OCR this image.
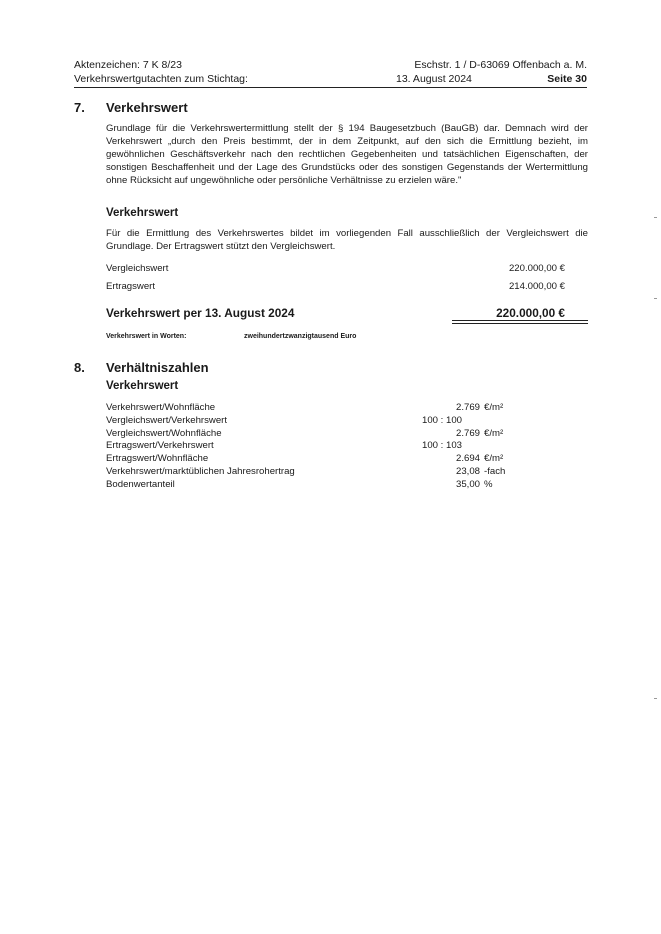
Aktenzeichen: 7 K 8/23	Eschstr. 1 / D-63069 Offenbach a. M.
Verkehrswertgutachten zum Stichtag:	13. August 2024	Seite 30
7. Verkehrswert
Grundlage für die Verkehrswertermittlung stellt der § 194 Baugesetzbuch (BauGB) dar. Demnach wird der Verkehrswert „durch den Preis bestimmt, der in dem Zeitpunkt, auf den sich die Ermittlung bezieht, im gewöhnlichen Geschäftsverkehr nach den rechtlichen Gegebenheiten und tatsächlichen Eigenschaften, der sonstigen Beschaffenheit und der Lage des Grundstücks oder des sonstigen Gegenstands der Wertermittlung ohne Rücksicht auf ungewöhnliche oder persönliche Verhältnisse zu erzielen wäre."
Verkehrswert
Für die Ermittlung des Verkehrswertes bildet im vorliegenden Fall ausschließlich der Vergleichswert die Grundlage. Der Ertragswert stützt den Vergleichswert.
Vergleichswert	220.000,00 €
Ertragswert	214.000,00 €
Verkehrswert per 13. August 2024	220.000,00 €
Verkehrswert in Worten:	zweihundertzwanzigtausend Euro
8. Verhältniszahlen
Verkehrswert
Verkehrswert/Wohnfläche	2.769 €/m²
Vergleichswert/Verkehrswert	100 : 100
Vergleichswert/Wohnfläche	2.769 €/m²
Ertragswert/Verkehrswert	100 : 103
Ertragswert/Wohnfläche	2.694 €/m²
Verkehrswert/marktüblichen Jahresrohertrag	23,08 -fach
Bodenwertanteil	35,00 %
